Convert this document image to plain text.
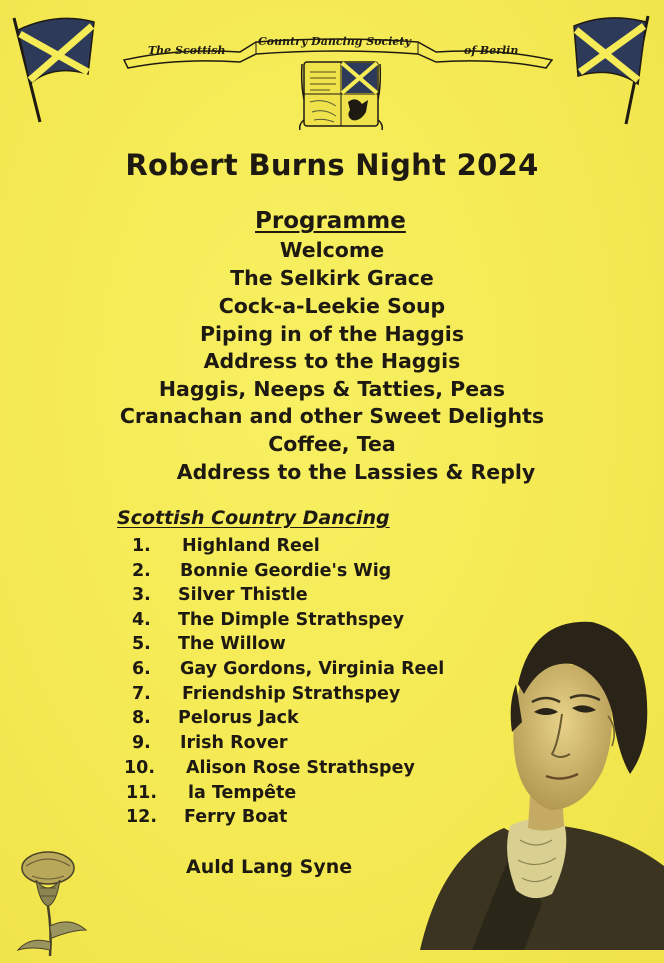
The Scottish
Country Dancing Society
of Berlin
Robert Burns Night 2024
Programme
Welcome
The Selkirk Grace
Cock-a-Leekie Soup
Piping in of the Haggis
Address to the Haggis
Haggis, Neeps & Tatties, Peas
Cranachan and other Sweet Delights
Coffee, Tea
Address to the Lassies & Reply
Scottish Country Dancing
1. Highland Reel
2. Bonnie Geordie's Wig
3. Silver Thistle
4. The Dimple Strathspey
5. The Willow
6. Gay Gordons, Virginia Reel
7. Friendship Strathspey
8. Pelorus Jack
9. Irish Rover
10. Alison Rose Strathspey
11. la Tempête
12. Ferry Boat
Auld Lang Syne
